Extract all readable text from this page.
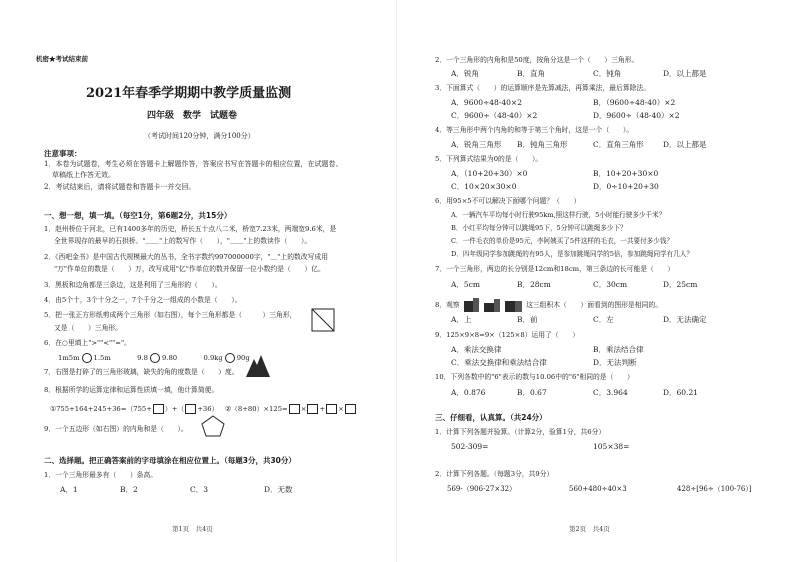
机密★考试结束前
2021年春季学期期中教学质量监测
四年级　数学　试题卷
（考试时间120分钟，满分100分）
注意事项：
1．本卷为试题卷，考生必须在答题卡上解题作答，答案应书写在答题卡的相应位置，在试题卷、
草稿纸上作答无效。
2．考试结束后，请将试题卷和答题卡一并交回。
一、想一想，填一填。（每空1分，第6题2分，共15分）
1．赵州桥位于河北，已有1400多年的历史，桥长五十点八二米，桥宽7.23米，两端宽9.6米，是
全世界现存的最早的石拱桥。"＿＿"上的数写作（　　），"＿＿"上的数读作（　　）。
2．《西吧金书》是中国古代规模最大的丛书，全书字数约997000000字，"＿"上的数改写成用
"万"作单位的数是（　　）万，改写成用"亿"作单位的数并保留一位小数约是（　　）亿。
3．黑板和边角都是三条边，这是利用了三角形的（　　）。
4．由5个十，3个十分之一，7个千分之一组成的小数是（　　）。
5．把一张正方形纸剪成两个三角形（如右图），每个三角形都是（　　　）三角形，
又是（　　）三角形。
6．在○里填上">""<""="。
1m5m 1.5m	9.8 9.80	0.9kg 90g
7．右图是打碎了的三角形玻璃，缺失的角的度数是（　　）度。
8．根据所学的运算定律和运算性质填一填，他计算简便。
①755+164+245+36=（755+ ）+（ +36） ②（8+80）×125= × + ×
9．一个五边形（如右图）的内角和是（　　）。
二、选择题。把正确答案前的字母填涂在相应位置上。（每题3分，共30分）
1．一个三角形最多有（　　）条高。
A．1	B．2	C．3	D．无数
第1页　共4页
2．一个三角形的内角和是50度，按角分这是一个（　　）三角形。
A．锐角	B．直角	C．钝角	D．以上都是
3．下面算式（　　）的运算顺序是先算减法，再算乘法，最后算除法。
A．9600÷48-40×2	B．（9600÷48-40）×2
C．9600÷（48-40）×2	D．9600÷（48-40）×2
4．等三角形中两个内角的和等于第三个角时，这是一个（　　）。
A．锐角三角形 B．钝角三角形	C．直角三角形	D．以上都是
5．下列算式结果为0的是（　　）。
A．（10+20+30）×0	B．10+20+30×0
C．10×20×30×0	D．0÷10+20+30
6．用95×5不可以解决下面哪个问题？（　　）
A．一辆汽车平均每小时行驶95km,照这样行驶，5小时能行驶多少千米？
B．小红平均每分钟可以跳绳95下，5分钟可以跳绳多少下？
C．一件毛衣的单价是95元，李阿姨买了5件这样的毛衣，一共要付多少钱？
D．四年级同学参加跳绳的有95人，是参加跳绳同学的5倍，参加跳绳同学有几人？
7．一个三角形，两边的长分别是12cm和18cm，第三条边的长可能是（　　）
A．5cm	B．28cm	C．30cm	D．25cm
8．观察	这三组积木（　　）面看到的图形是相同的。
A．上	B．前	C．左	D．无法确定
9．125×9×8=9×（125×8）运用了（　　）
A．乘法交换律	B．乘法结合律
C．乘法交换律和乘法结合律	D．无法判断
10．下列各数中的"6"表示的数与10.06中的"6"相同的是（　　）
A．0.876	B．0.67	C．3.964	D．60.21
三、仔细看，认真算。（共24分）
1．计算下列各题并验算。（计算2分，验算1分，共6分）
502-309=	105×38=
2．计算下列各题。（每题3分，共9分）
569-（906-27×32）	560+480÷40×3	428÷[96÷（100-76）]
第2页　共4页
